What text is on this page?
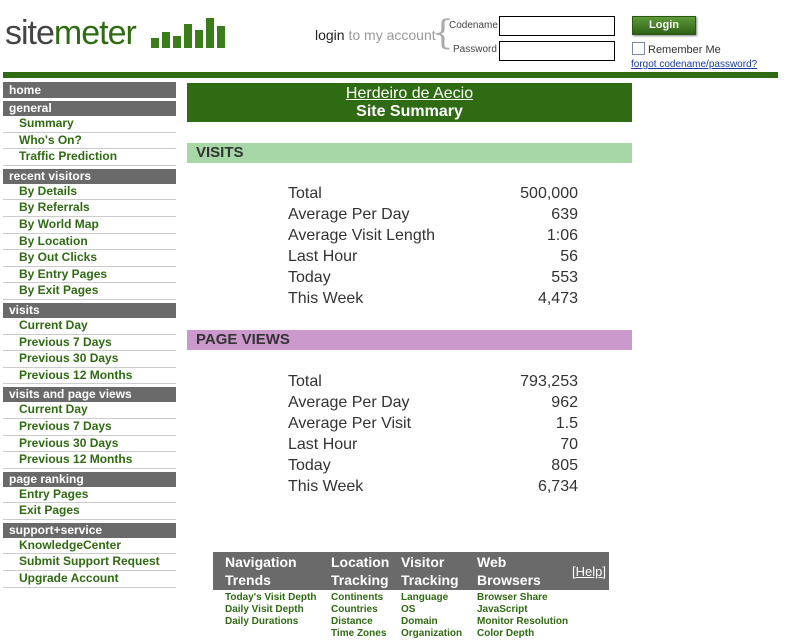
sitemeter	login to my account
{
Codename
Password
Login
Remember Me
forgot codename/password?
home
general
Summary
Who's On?
Traffic Prediction
recent visitors
By Details
By Referrals
By World Map
By Location
By Out Clicks
By Entry Pages
By Exit Pages
visits
Current Day
Previous 7 Days
Previous 30 Days
Previous 12 Months
visits and page views
Current Day
Previous 7 Days
Previous 30 Days
Previous 12 Months
page ranking
Entry Pages
Exit Pages
support+service
KnowledgeCenter
Submit Support Request
Upgrade Account
Herdeiro de Aecio
Site Summary
VISITS
Total	500,000
Average Per Day	639
Average Visit Length	1:06
Last Hour	56
Today	553
This Week	4,473
PAGE VIEWS
Total	793,253
Average Per Day	962
Average Per Visit	1.5
Last Hour	70
Today	805
This Week	6,734
Navigation
Trends
Location
Tracking
Visitor
Tracking
Web
Browsers
[Help]
Today's Visit Depth
Daily Visit Depth
Daily Durations
Continents
Countries
Distance
Time Zones
Language
OS
Domain
Organization
Browser Share
JavaScript
Monitor Resolution
Color Depth
